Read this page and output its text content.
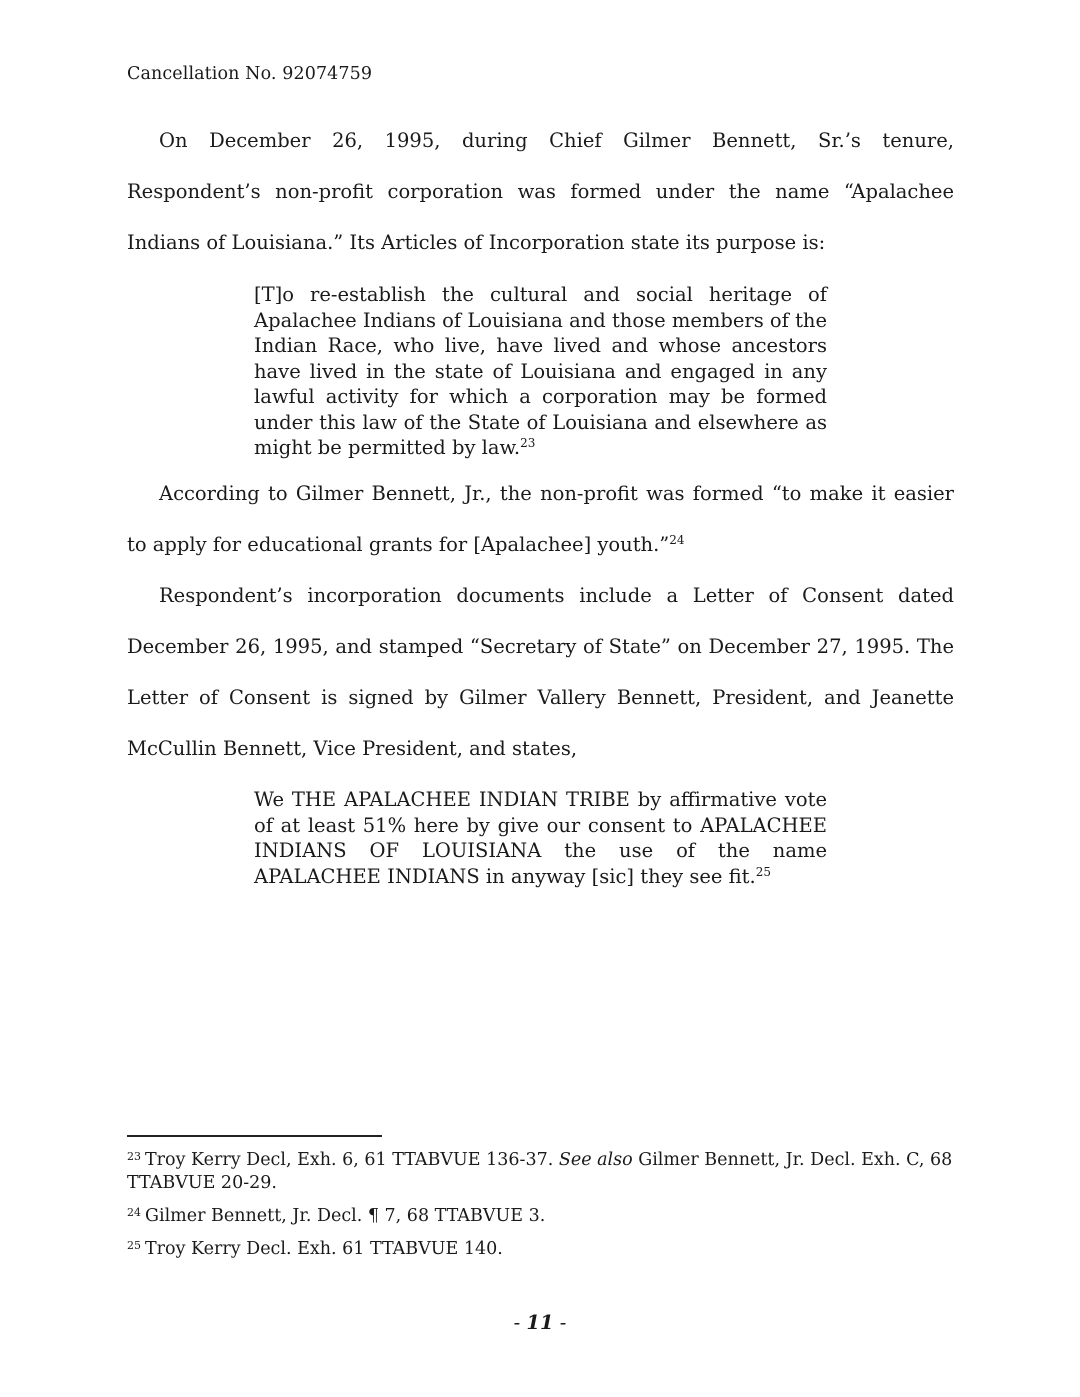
Cancellation No. 92074759

On December 26, 1995, during Chief Gilmer Bennett, Sr.’s tenure, Respondent’s non-profit corporation was formed under the name “Apalachee Indians of Louisiana.” Its Articles of Incorporation state its purpose is:

[T]o re-establish the cultural and social heritage of Apalachee Indians of Louisiana and those members of the Indian Race, who live, have lived and whose ancestors have lived in the state of Louisiana and engaged in any lawful activity for which a corporation may be formed under this law of the State of Louisiana and elsewhere as might be permitted by law.$^{23}$

According to Gilmer Bennett, Jr., the non-profit was formed “to make it easier to apply for educational grants for [Apalachee] youth.”$^{24}$

Respondent’s incorporation documents include a Letter of Consent dated December 26, 1995, and stamped “Secretary of State” on December 27, 1995. The Letter of Consent is signed by Gilmer Vallery Bennett, President, and Jeanette McCullin Bennett, Vice President, and states,

We THE APALACHEE INDIAN TRIBE by affirmative vote of at least 51% here by give our consent to APALACHEE INDIANS OF LOUISIANA the use of the name APALACHEE INDIANS in anyway [sic] they see fit.$^{25}$

$^{23}$ Troy Kerry Decl, Exh. 6, 61 TTABVUE 136-37. See also Gilmer Bennett, Jr. Decl. Exh. C, 68 TTABVUE 20-29.

$^{24}$ Gilmer Bennett, Jr. Decl. ¶ 7, 68 TTABVUE 3.

$^{25}$ Troy Kerry Decl. Exh. 61 TTABVUE 140.

- 11 -
